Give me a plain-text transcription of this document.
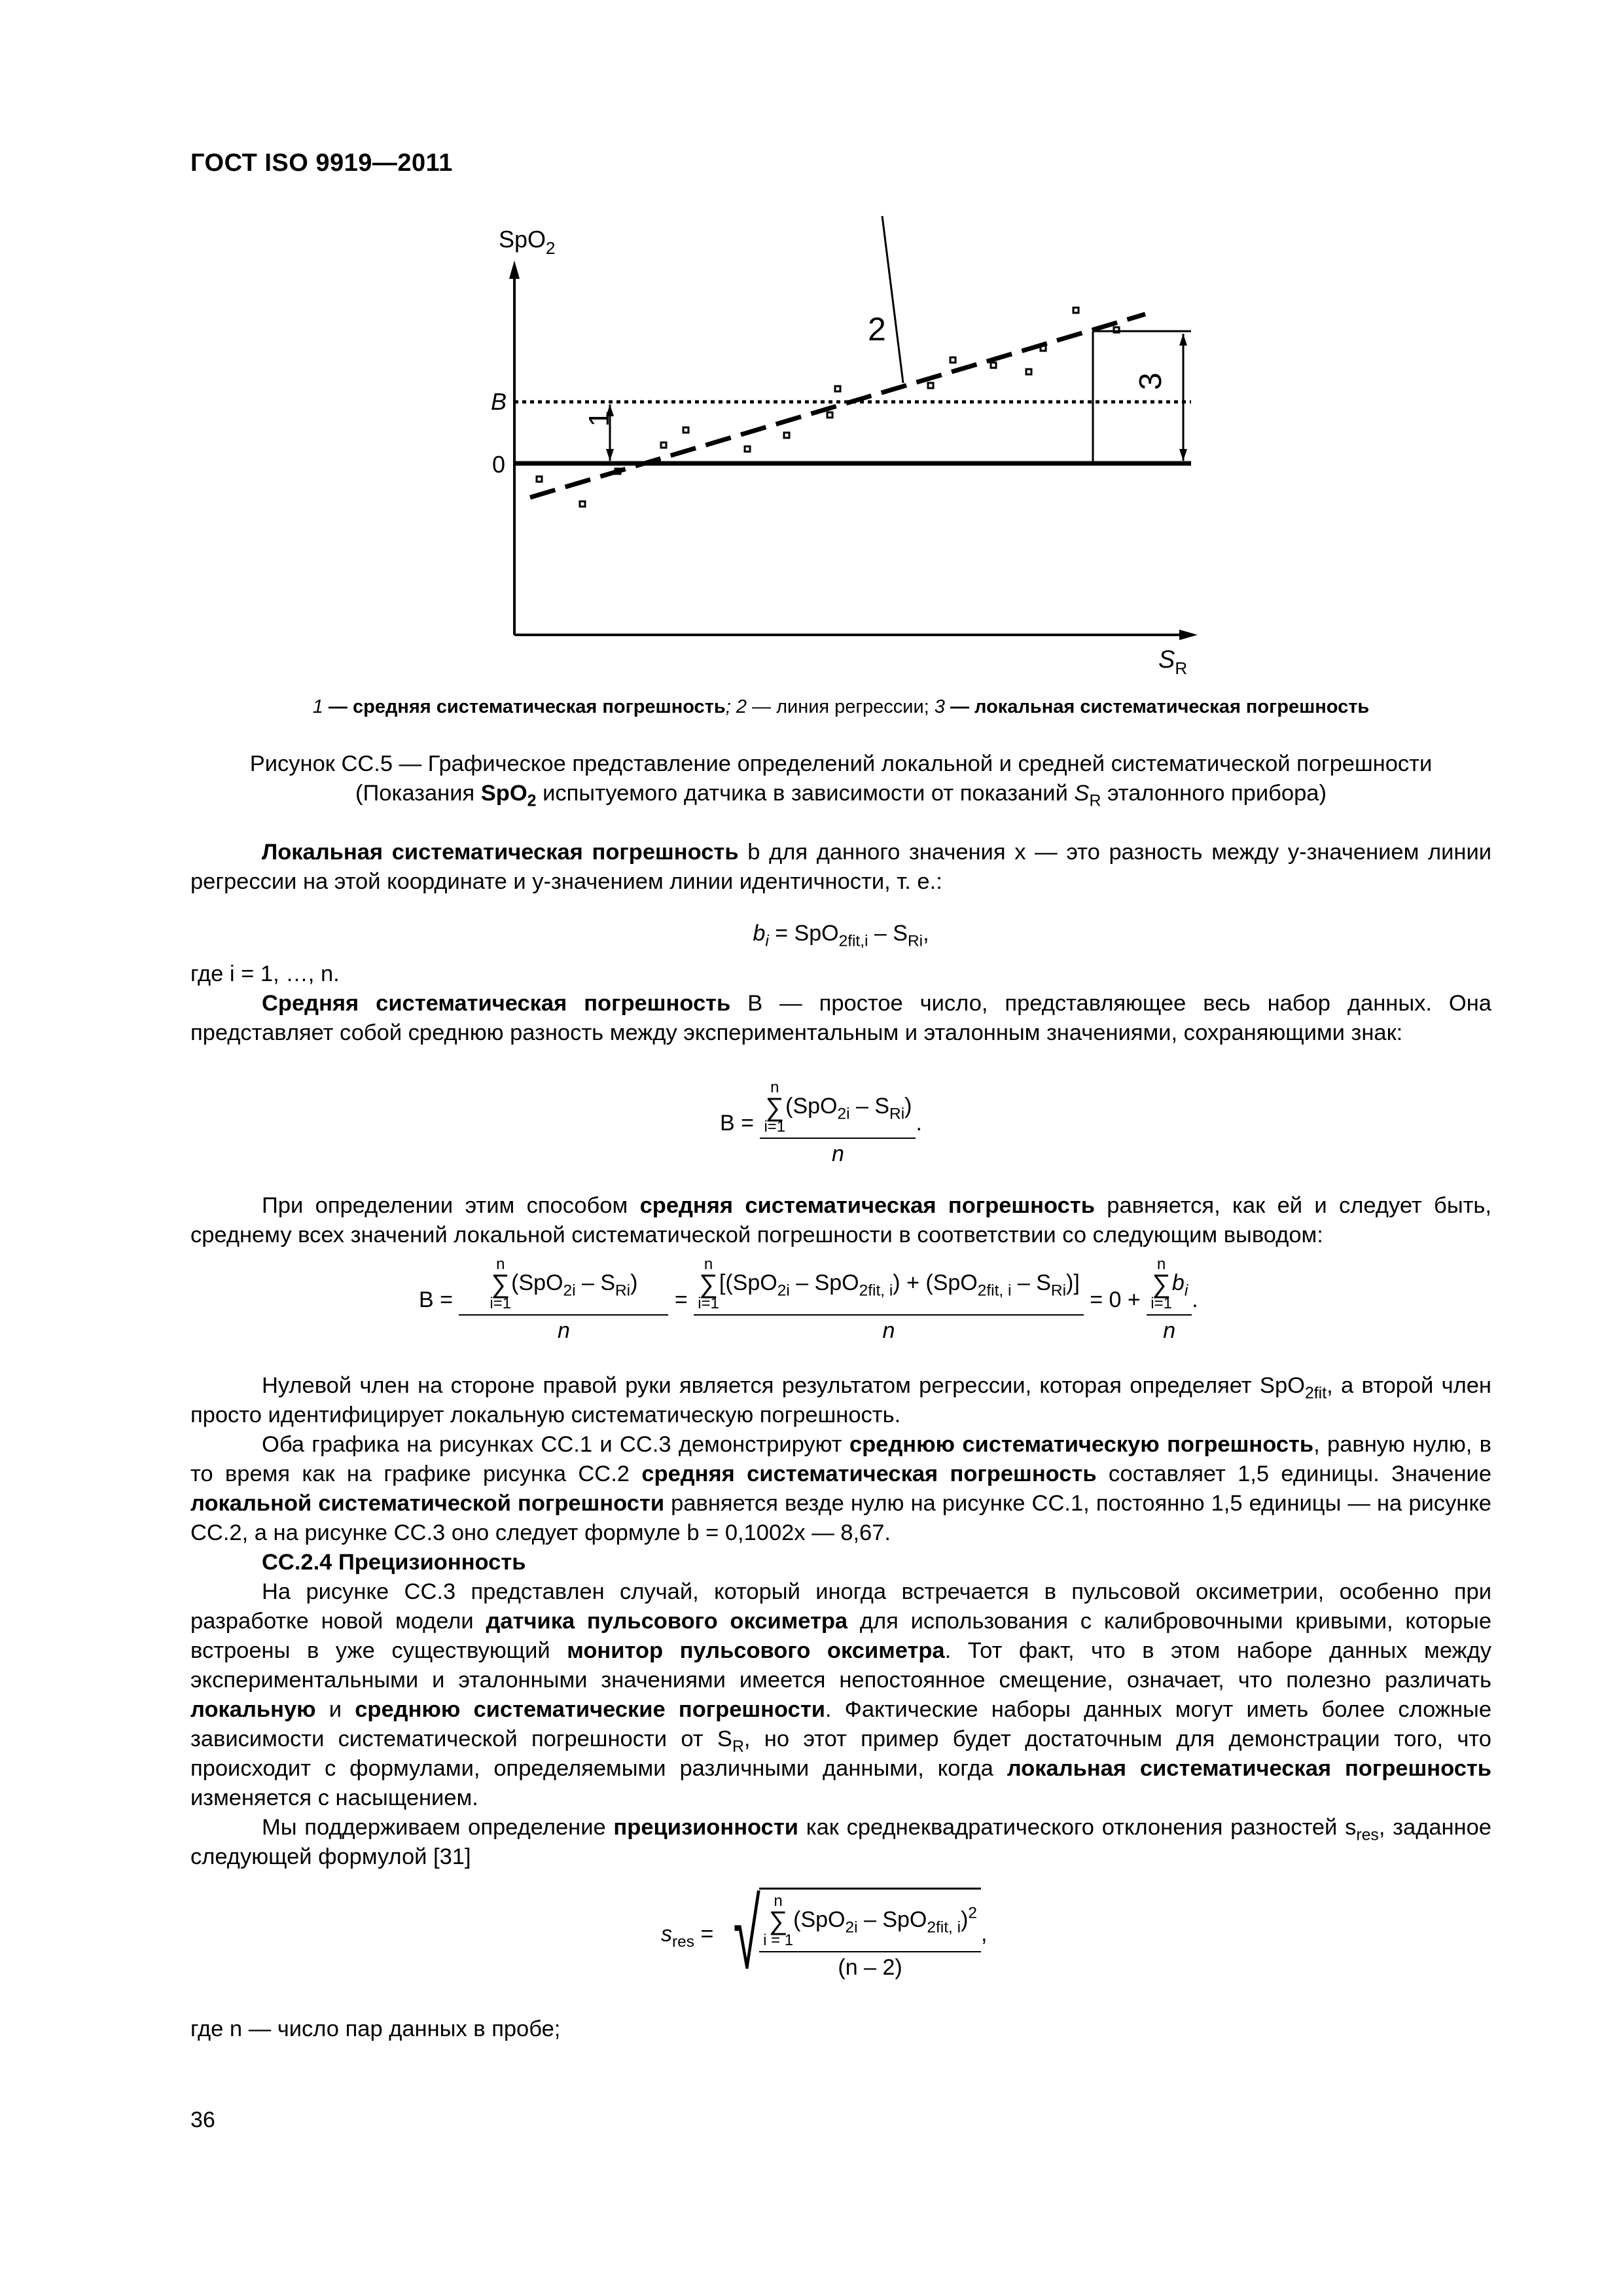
ГОСТ ISO 9919—2011
SpO$_2$
$S_R$
B
0
1
2
3
1 — средняя систематическая погрешность; 2 — линия регрессии; 3 — локальная систематическая погрешность
Рисунок СС.5 — Графическое представление определений локальной и средней систематической погрешности
(Показания SpO$_2$ испытуемого датчика в зависимости от показаний $S_R$ эталонного прибора)
Локальная систематическая погрешность b для данного значения x — это разность между y-значением линии регрессии на этой координате и y-значением линии идентичности, т. е.:
$b_i = SpO_{2fit,i} - S_{Ri}$,
где i = 1, …, n.
Средняя систематическая погрешность B — простое число, представляющее весь набор данных. Она представляет собой среднюю разность между экспериментальным и эталонным значениями, сохраняющими знак:
B = n
∑
$i=1(SpO_{2i} - S_{Ri})$
n .
При определении этим способом средняя систематическая погрешность равняется, как ей и следует быть, среднему всех значений локальной систематической погрешности в соответствии со следующим выводом:
B = n
∑
$i=1(SpO_{2i} - S_{Ri})$
n = n
∑
$i=1[(SpO_{2i} - SpO_{2fit, i}) + (SpO_{2fit, i} - S_{Ri})]$
n = 0 + n
∑
$i=1b_i$
n .
Нулевой член на стороне правой руки является результатом регрессии, которая определяет SpO$_{2fit}$, а второй член просто идентифицирует локальную систематическую погрешность.
Оба графика на рисунках СС.1 и СС.3 демонстрируют среднюю систематическую погрешность, равную нулю, в то время как на графике рисунка СС.2 средняя систематическая погрешность составляет 1,5 единицы. Значение локальной систематической погрешности равняется везде нулю на рисунке СС.1, постоянно 1,5 единицы — на рисунке СС.2, а на рисунке СС.3 оно следует формуле b = 0,1002x — 8,67.
СС.2.4 Прецизионность
На рисунке СС.3 представлен случай, который иногда встречается в пульсовой оксиметрии, особенно при разработке новой модели датчика пульсового оксиметра для использования с калибровочными кривыми, которые встроены в уже существующий монитор пульсового оксиметра. Тот факт, что в этом наборе данных между экспериментальными и эталонными значениями имеется непостоянное смещение, означает, что полезно различать локальную и среднюю систематические погрешности. Фактические наборы данных могут иметь более сложные зависимости систематической погрешности от $S_R$, но этот пример будет достаточным для демонстрации того, что происходит с формулами, определяемыми различными данными, когда локальная систематическая погрешность изменяется с насыщением.
Мы поддерживаем определение прецизионности как среднеквадратического отклонения разностей $s_{res}$, заданное следующей формулой [31]
$s_{res}$ = √
n
∑
i = 1(SpO$_{2i}$ – SpO$_{2fit, i}$)$^2$
(n – 2) ,
где n — число пар данных в пробе;
36
